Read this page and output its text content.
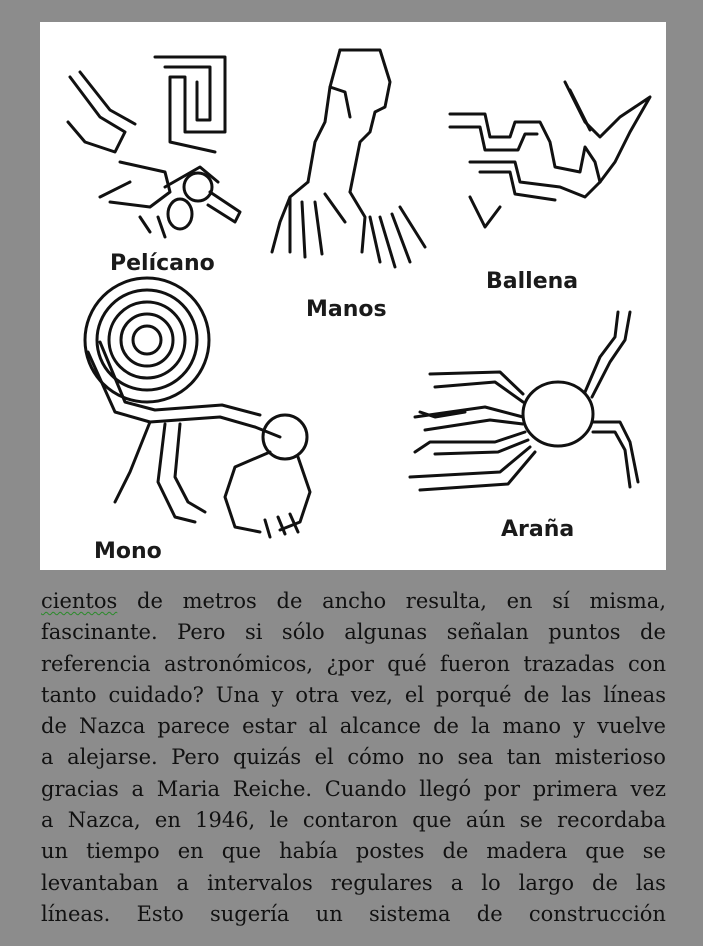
Pelícano
Manos
Ballena
Mono
Araña
cientos de metros de ancho resulta, en sí misma,
fascinante. Pero si sólo algunas señalan puntos de
referencia astronómicos, ¿por qué fueron trazadas con
tanto cuidado? Una y otra vez, el porqué de las líneas
de Nazca parece estar al alcance de la mano y vuelve
a alejarse. Pero quizás el cómo no sea tan misterioso
gracias a Maria Reiche. Cuando llegó por primera vez
a Nazca, en 1946, le contaron que aún se recordaba
un tiempo en que había postes de madera que se
levantaban a intervalos regulares a lo largo de las
líneas. Esto sugería un sistema de construcción
